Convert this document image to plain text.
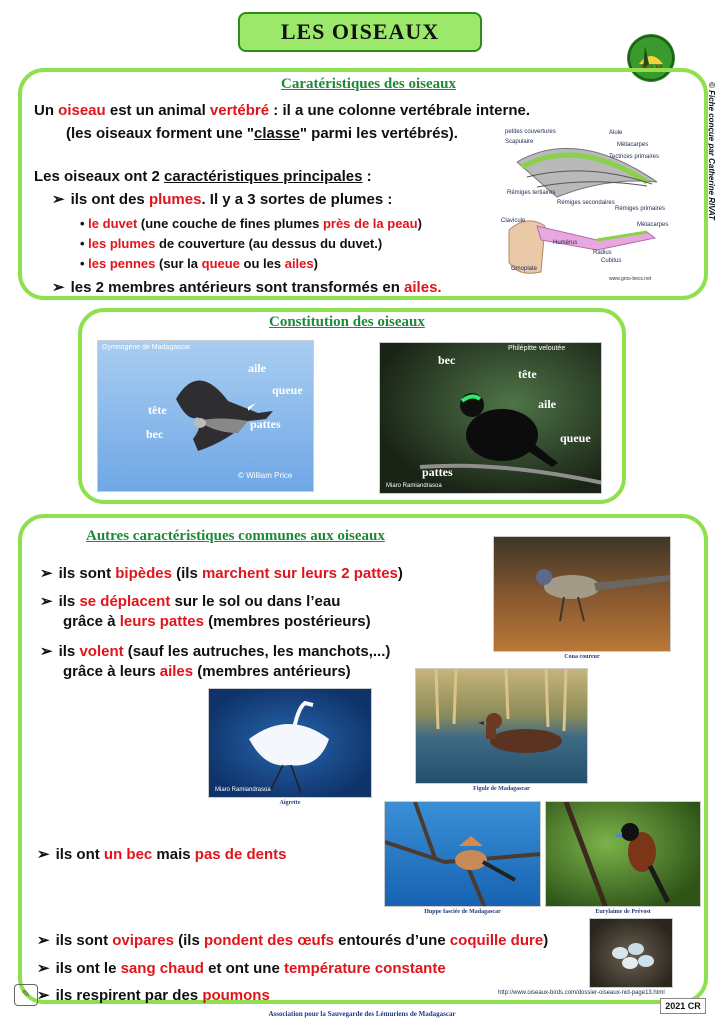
LES OISEAUX
ASLM
© Fiche conçue par Catherine RIVAT
Caratéristiques des oiseaux
Un oiseau est un animal vertébré : il a une colonne vertébrale interne.
(les oiseaux forment une "classe" parmi les vertébrés).
Les oiseaux ont 2 caractéristiques principales :
➢ ils ont des plumes. Il y a 3 sortes de plumes :
• le duvet (une couche de fines plumes près de la peau)
• les plumes de couverture (au dessus du duvet.)
• les pennes (sur la queue ou les ailes)
➢ les 2 membres antérieurs sont transformés en ailes.
petites couvertures
Scapulaire
Alule
Métacarpes
Tectrices primaires
Rémiges tertiaires
Rémiges secondaires
Rémiges primaires
Humérus
Radius
Cubitus
Omoplate
Clavicule
Métacarpes
www.gros-becs.net
Constitution des oiseaux
Gymnogène de Madagascar
aile
queue
tête
bec
pattes
© William Price
Philépitte veloutée
bec
tête
aile
queue
pattes
Miaro Ramiandrasoa
Autres caractéristiques communes aux oiseaux
➢ ils sont bipèdes (ils marchent sur leurs 2 pattes)
➢ ils se déplacent sur le sol ou dans l’eau
grâce à leurs pattes (membres postérieurs)
➢ ils volent (sauf les autruches, les manchots,...)
grâce à leurs ailes (membres antérieurs)
➢ ils ont un bec mais pas de dents
➢ ils sont ovipares (ils pondent des œufs entourés d’une coquille dure)
➢ ils ont le sang chaud et ont une température constante
➢ ils respirent par des poumons
✎
Coua coureur
Figule de Madagascar
Miaro Ramiandrasoa
Aigrette
Huppe fasciée de Madagascar	Eurylaime de Prévost
http://www.oiseaux-birds.com/dossier-oiseaux-nid-page13.html
Association pour la Sauvegarde des Lémuriens de Madagascar
2021 CR
